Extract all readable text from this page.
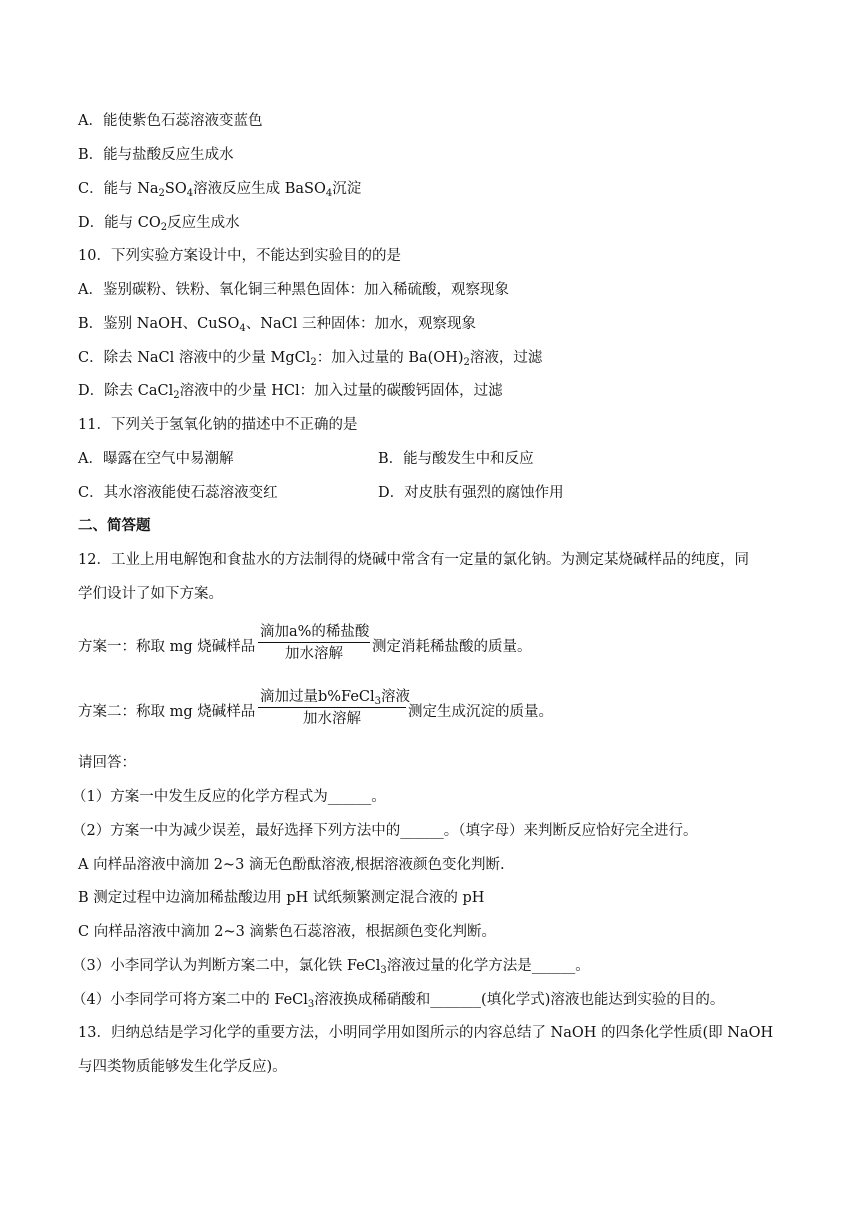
A．能使紫色石蕊溶液变蓝色
B．能与盐酸反应生成水
C．能与 $Na_2SO_4$溶液反应生成 BaSO$_4$沉淀
D．能与 $CO_2$反应生成水
10．下列实验方案设计中，不能达到实验目的的是
A．鉴别碳粉、铁粉、氧化铜三种黑色固体：加入稀硫酸，观察现象
B．鉴别 NaOH、CuSO$_4$、NaCl 三种固体：加水，观察现象
C．除去 NaCl 溶液中的少量 MgCl$_2$：加入过量的 $Ba(OH)_2$溶液，过滤
D．除去 CaCl$_2$溶液中的少量 HCl：加入过量的碳酸钙固体，过滤
11．下列关于氢氧化钠的描述中不正确的是
A．曝露在空气中易潮解	B．能与酸发生中和反应
C．其水溶液能使石蕊溶液变红	D．对皮肤有强烈的腐蚀作用
二、简答题
12．工业上用电解饱和食盐水的方法制得的烧碱中常含有一定量的氯化钠。为测定某烧碱样品的纯度，同
学们设计了如下方案。
方案一：称取 mg 烧碱样品
滴加a%的稀盐酸
加水溶解	测定消耗稀盐酸的质量。
方案二：称取 mg 烧碱样品
滴加过量b%FeCl$_3$溶液
加水溶解	测定生成沉淀的质量。
请回答：
（1）方案一中发生反应的化学方程式为______。
（2）方案一中为减少误差，最好选择下列方法中的______。（填字母）来判断反应恰好完全进行。
A 向样品溶液中滴加 2~3 滴无色酚酞溶液,根据溶液颜色变化判断.
B 测定过程中边滴加稀盐酸边用 pH 试纸频繁测定混合液的 pH
C 向样品溶液中滴加 2~3 滴紫色石蕊溶液，根据颜色变化判断。
（3）小李同学认为判断方案二中，氯化铁 FeCl$_3$溶液过量的化学方法是______。
（4）小李同学可将方案二中的 FeCl$_3$溶液换成稀硝酸和_______(填化学式)溶液也能达到实验的目的。
13．归纳总结是学习化学的重要方法，小明同学用如图所示的内容总结了 NaOH 的四条化学性质(即 NaOH
与四类物质能够发生化学反应)。
